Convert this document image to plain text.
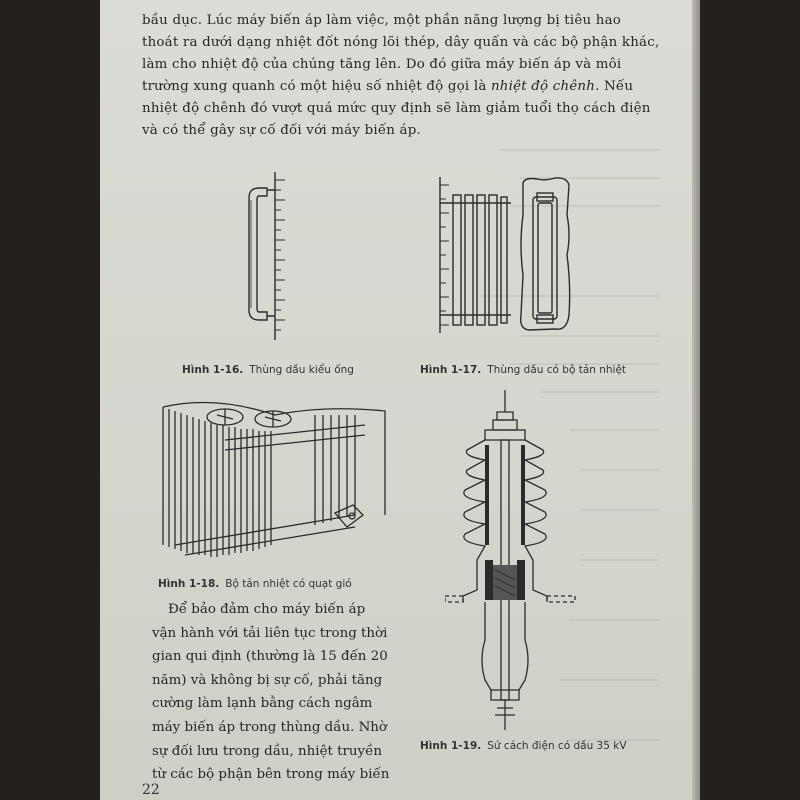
bầu dục. Lúc máy biến áp làm việc, một phần năng lượng bị tiêu hao
thoát ra dưới dạng nhiệt đốt nóng lõi thép, dây quấn và các bộ phận khác,
làm cho nhiệt độ của chúng tăng lên. Do đó giữa máy biến áp và môi
trường xung quanh có một hiệu số nhiệt độ gọi là nhiệt độ chênh. Nếu
nhiệt độ chênh đó vượt quá mức quy định sẽ làm giảm tuổi thọ cách điện
và có thể gây sự cố đối với máy biến áp.

Hình 1-16. Thùng dầu kiểu ống	Hình 1-17. Thùng dầu có bộ tản nhiệt
Hình 1-18. Bộ tản nhiệt có quạt gió
Hình 1-19. Sứ cách điện có dầu 35 kV

Để bảo đảm cho máy biến áp
vận hành với tải liên tục trong thời
gian qui định (thường là 15 đến 20
năm) và không bị sự cố, phải tăng
cường làm lạnh bằng cách ngâm
máy biến áp trong thùng dầu. Nhờ
sự đối lưu trong dầu, nhiệt truyền
từ các bộ phận bên trong máy biến

22
